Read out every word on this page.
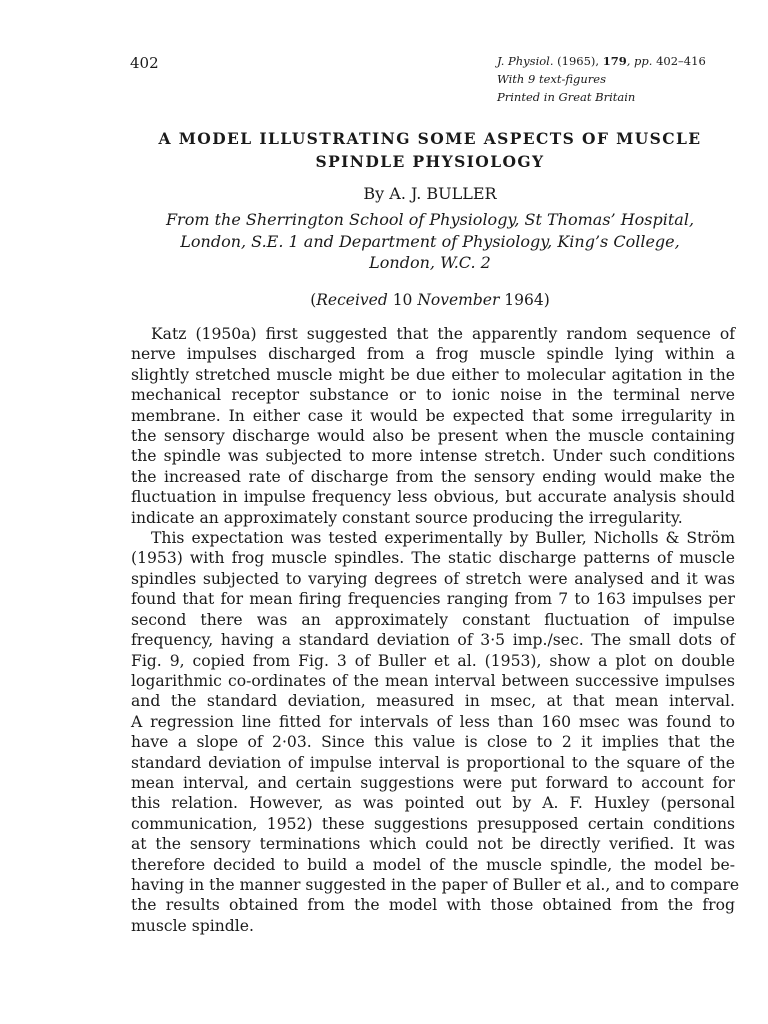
402	J. Physiol. (1965), 179, pp. 402–416
With 9 text-figures
Printed in Great Britain
A MODEL ILLUSTRATING SOME ASPECTS OF MUSCLE
SPINDLE PHYSIOLOGY
By A. J. BULLER
From the Sherrington School of Physiology, St Thomas’ Hospital,
London, S.E. 1 and Department of Physiology, King’s College,
London, W.C. 2
(Received 10 November 1964)
Katz (1950a) first suggested that the apparently random sequence of
nerve impulses discharged from a frog muscle spindle lying within a
slightly stretched muscle might be due either to molecular agitation in the
mechanical receptor substance or to ionic noise in the terminal nerve
membrane. In either case it would be expected that some irregularity in
the sensory discharge would also be present when the muscle containing
the spindle was subjected to more intense stretch. Under such conditions
the increased rate of discharge from the sensory ending would make the
fluctuation in impulse frequency less obvious, but accurate analysis should
indicate an approximately constant source producing the irregularity.
This expectation was tested experimentally by Buller, Nicholls & Ström
(1953) with frog muscle spindles. The static discharge patterns of muscle
spindles subjected to varying degrees of stretch were analysed and it was
found that for mean firing frequencies ranging from 7 to 163 impulses per
second there was an approximately constant fluctuation of impulse
frequency, having a standard deviation of 3·5 imp./sec. The small dots of
Fig. 9, copied from Fig. 3 of Buller et al. (1953), show a plot on double
logarithmic co-ordinates of the mean interval between successive impulses
and the standard deviation, measured in msec, at that mean interval.
A regression line fitted for intervals of less than 160 msec was found to
have a slope of 2·03. Since this value is close to 2 it implies that the
standard deviation of impulse interval is proportional to the square of the
mean interval, and certain suggestions were put forward to account for
this relation. However, as was pointed out by A. F. Huxley (personal
communication, 1952) these suggestions presupposed certain conditions
at the sensory terminations which could not be directly verified. It was
therefore decided to build a model of the muscle spindle, the model be-
having in the manner suggested in the paper of Buller et al., and to compare
the results obtained from the model with those obtained from the frog
muscle spindle.
